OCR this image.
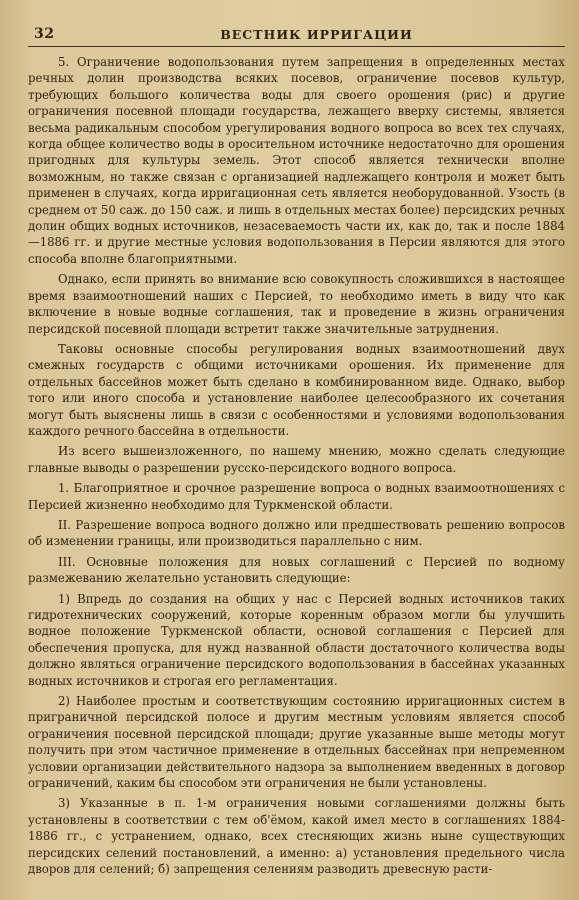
32	ВЕСТНИК ИРРИГАЦИИ

5. Ограничение водопользования путем запрещения в определенных местах речных долин производства всяких посевов, ограничение посевов культур, требующих большого количества воды для своего орошения (рис) и другие ограничения посевной площади государства, лежащего вверху системы, является весьма радикальным способом урегулирования водного вопроса во всех тех случаях, когда общее количество воды в оросительном источнике недостаточно для орошения пригодных для культуры земель. Этот способ является технически вполне возможным, но также связан с организацией надлежащего контроля и может быть применен в случаях, когда ирригационная сеть является необорудованной. Узость (в среднем от 50 саж. до 150 саж. и лишь в отдельных местах более) персидских речных долин общих водных источников, незасеваемость части их, как до, так и после 1884—1886 гг. и другие местные условия водопользования в Персии являются для этого способа вполне благоприятными.

Однако, если принять во внимание всю совокупность сложившихся в настоящее время взаимоотношений наших с Персией, то необходимо иметь в виду что как включение в новые водные соглашения, так и проведение в жизнь ограничения персидской посевной площади встретит также значительные затруднения.

Таковы основные способы регулирования водных взаимоотношений двух смежных государств с общими источниками орошения. Их применение для отдельных бассейнов может быть сделано в комбинированном виде. Однако, выбор того или иного способа и установление наиболее целесообразного их сочетания могут быть выяснены лишь в связи с особенностями и условиями водопользования каждого речного бассейна в отдельности.

Из всего вышеизложенного, по нашему мнению, можно сделать следующие главные выводы о разрешении русско-персидского водного вопроса.

1. Благоприятное и срочное разрешение вопроса о водных взаимоотношениях с Персией жизненно необходимо для Туркменской области.

II. Разрешение вопроса водного должно или предшествовать решению вопросов об изменении границы, или производиться параллельно с ним.

III. Основные положения для новых соглашений с Персией по водному размежеванию желательно установить следующие:

1) Впредь до создания на общих у нас с Персией водных источников таких гидротехнических сооружений, которые коренным образом могли бы улучшить водное положение Туркменской области, основой соглашения с Персией для обеспечения пропуска, для нужд названной области достаточного количества воды должно являться ограничение персидского водопользования в бассейнах указанных водных источников и строгая его регламентация.

2) Наиболее простым и соответствующим состоянию ирригационных систем в приграничной персидской полосе и другим местным условиям является способ ограничения посевной персидской площади; другие указанные выше методы могут получить при этом частичное применение в отдельных бассейнах при непременном условии организации действительного надзора за выполнением введенных в договор ограничений, каким бы способом эти ограничения не были установлены.

3) Указанные в п. 1-м ограничения новыми соглашениями должны быть установлены в соответствии с тем об'ёмом, какой имел место в соглашениях 1884-1886 гг., с устранением, однако, всех стесняющих жизнь ныне существующих персидских селений постановлений, а именно: а) установления предельного числа дворов для селений; б) запрещения селениям разводить древесную расти-
